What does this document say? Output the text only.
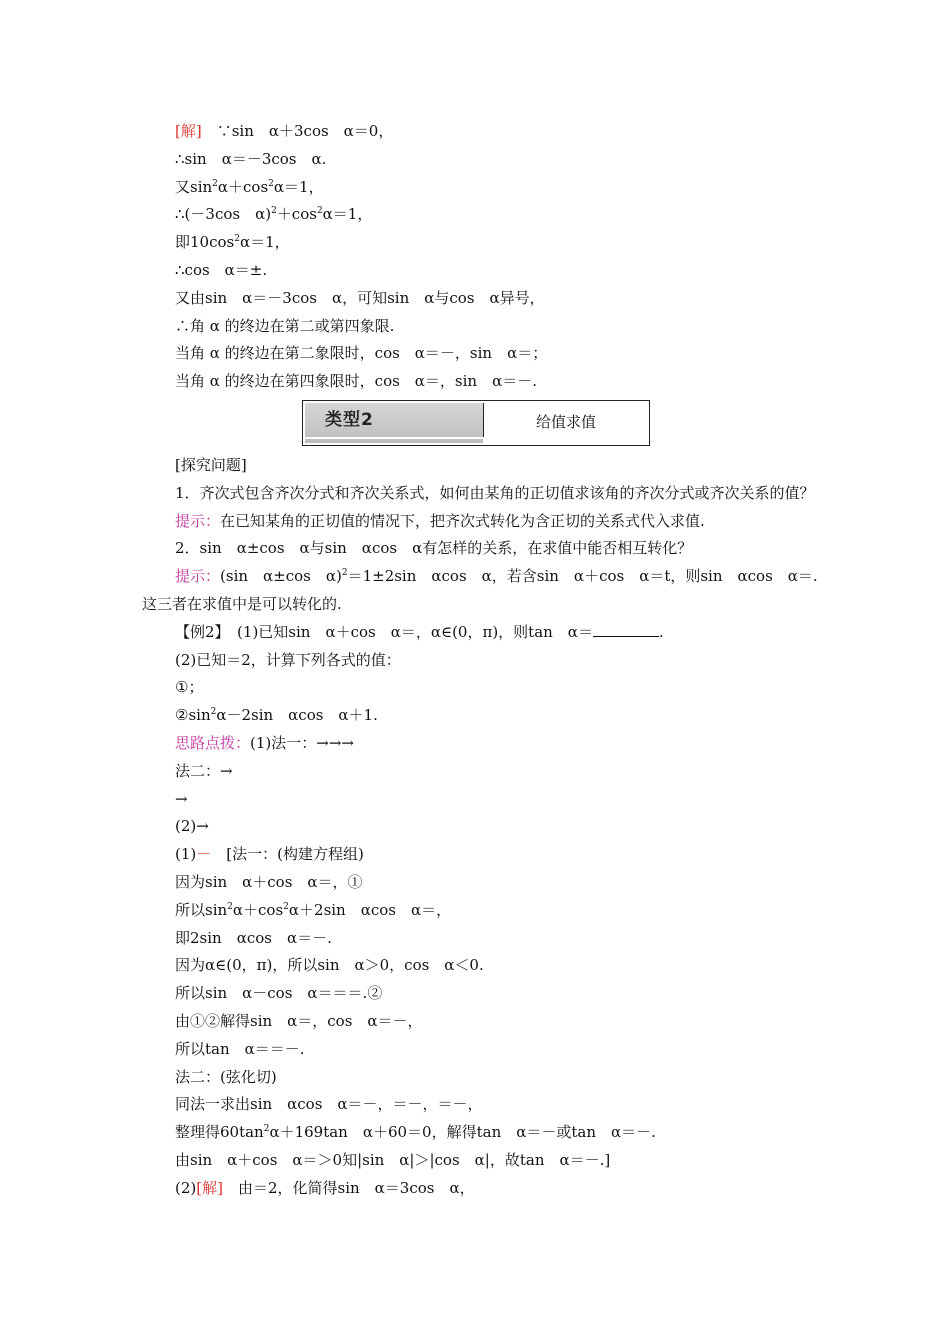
[解]　∵sin　α＋3cos　α＝0，
∴sin　α＝－3cos　α.
又$\sin^2\alpha+\cos^2\alpha=1$，
∴(－3cos　$\alpha)^2+\cos^2\alpha=1$，
即$10\cos^2\alpha=1$，
∴cos　α＝±.
又由sin　α＝－3cos　α，可知sin　α与cos　α异号，
∴角 α 的终边在第二或第四象限.
当角 α 的终边在第二象限时，cos　α＝－，sin　α＝；
当角 α 的终边在第四象限时，cos　α＝，sin　α＝－.
类型2	给值求值
[探究问题]
1．齐次式包含齐次分式和齐次关系式，如何由某角的正切值求该角的齐次分式或齐次关系的值？
提示：在已知某角的正切值的情况下，把齐次式转化为含正切的关系式代入求值.
2．sin　α±cos　α与sin　αcos　α有怎样的关系，在求值中能否相互转化？
提示：(sin　α±cos　α)$^2$＝1±2sin　αcos　α，若含sin　α＋cos　α＝t，则sin　αcos　α＝.这三者在求值中是可以转化的.
【例2】　(1)已知sin　α＋cos　α＝，α∈(0，π)，则tan　α＝	.
(2)已知＝2，计算下列各式的值：
①；
$②\sin^2\alpha-2\sin$　αcos　α＋1.
思路点拨：(1)法一：→→→
法二：→
→
(2)→
(1)－　[法一：(构建方程组)
因为sin　α＋cos　α＝，①
所以$\sin^2\alpha+\cos^2\alpha+2\sin$　αcos　α＝，
即2sin　αcos　α＝－.
因为α∈(0，π)，所以sin　α＞0，cos　α＜0.
所以sin　α－cos　α＝＝＝.②
由①②解得sin　α＝，cos　α＝－，
所以tan　α＝＝－.
法二：(弦化切)
同法一求出sin　αcos　α＝－，＝－，＝－，
整理得$60\tan^2\alpha+169\tan$　α＋60＝0，解得tan　α＝－或tan　α＝－.
由sin　α＋cos　α＝＞0知|sin　α|＞|cos　α|，故tan　α＝－.]
(2)[解]　由＝2，化简得sin　α＝3cos　α，
